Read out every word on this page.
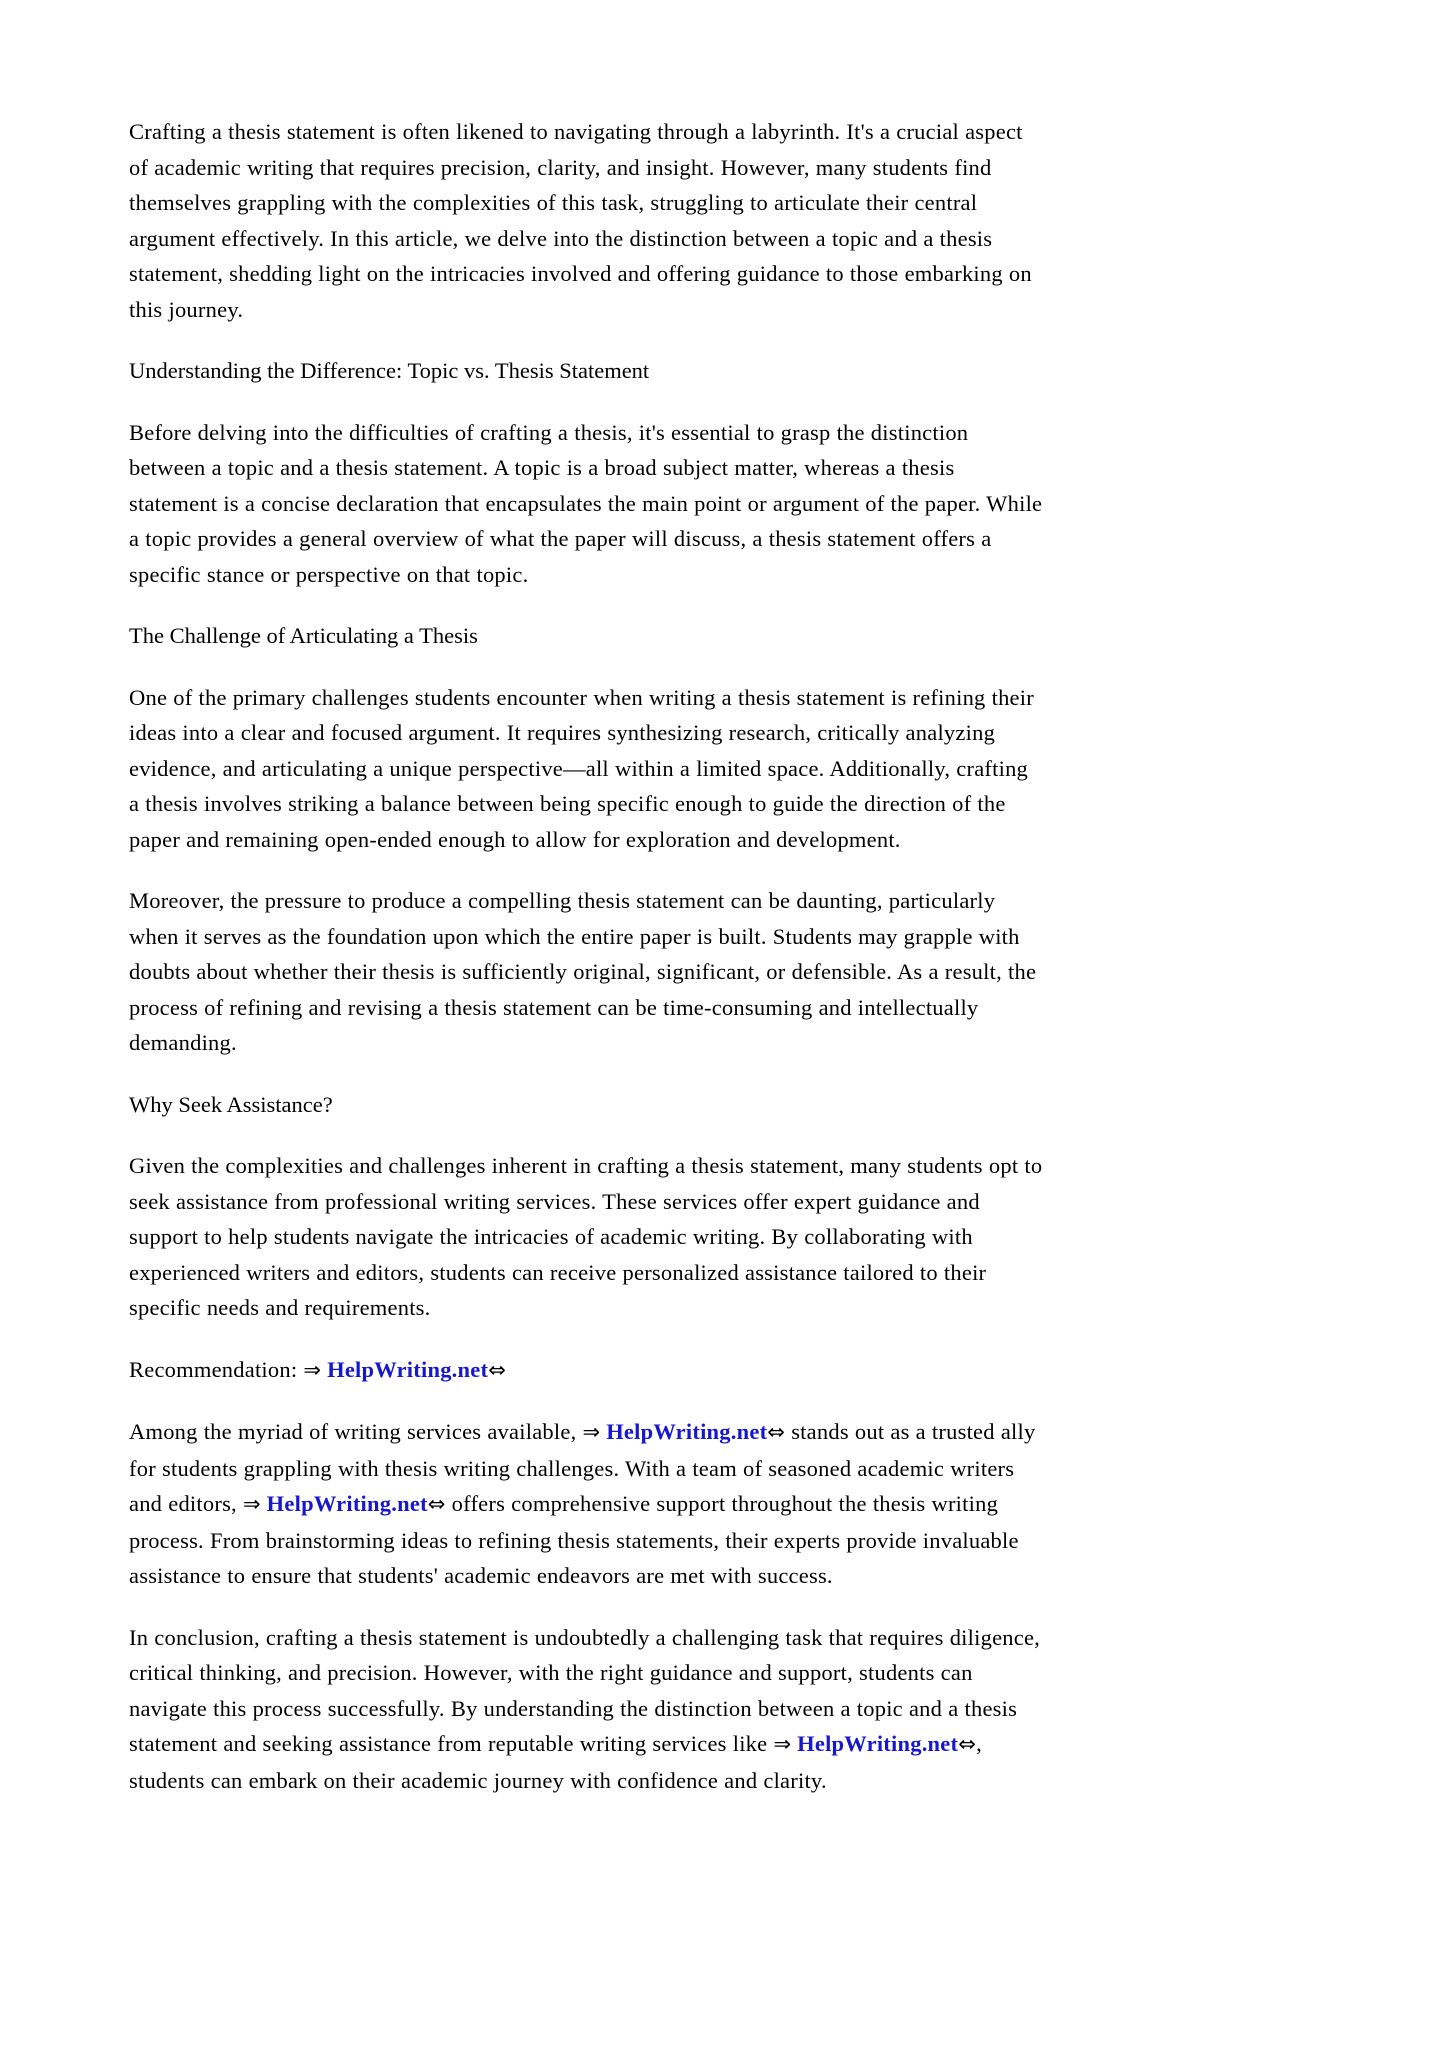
Crafting a thesis statement is often likened to navigating through a labyrinth. It's a crucial aspect of academic writing that requires precision, clarity, and insight. However, many students find themselves grappling with the complexities of this task, struggling to articulate their central argument effectively. In this article, we delve into the distinction between a topic and a thesis statement, shedding light on the intricacies involved and offering guidance to those embarking on this journey.

Understanding the Difference: Topic vs. Thesis Statement

Before delving into the difficulties of crafting a thesis, it's essential to grasp the distinction between a topic and a thesis statement. A topic is a broad subject matter, whereas a thesis statement is a concise declaration that encapsulates the main point or argument of the paper. While a topic provides a general overview of what the paper will discuss, a thesis statement offers a specific stance or perspective on that topic.

The Challenge of Articulating a Thesis

One of the primary challenges students encounter when writing a thesis statement is refining their ideas into a clear and focused argument. It requires synthesizing research, critically analyzing evidence, and articulating a unique perspective—all within a limited space. Additionally, crafting a thesis involves striking a balance between being specific enough to guide the direction of the paper and remaining open-ended enough to allow for exploration and development.

Moreover, the pressure to produce a compelling thesis statement can be daunting, particularly when it serves as the foundation upon which the entire paper is built. Students may grapple with doubts about whether their thesis is sufficiently original, significant, or defensible. As a result, the process of refining and revising a thesis statement can be time-consuming and intellectually demanding.

Why Seek Assistance?

Given the complexities and challenges inherent in crafting a thesis statement, many students opt to seek assistance from professional writing services. These services offer expert guidance and support to help students navigate the intricacies of academic writing. By collaborating with experienced writers and editors, students can receive personalized assistance tailored to their specific needs and requirements.

Recommendation: ⇒ HelpWriting.net⇔

Among the myriad of writing services available, ⇒ HelpWriting.net⇔ stands out as a trusted ally for students grappling with thesis writing challenges. With a team of seasoned academic writers and editors, ⇒ HelpWriting.net⇔ offers comprehensive support throughout the thesis writing process. From brainstorming ideas to refining thesis statements, their experts provide invaluable assistance to ensure that students' academic endeavors are met with success.

In conclusion, crafting a thesis statement is undoubtedly a challenging task that requires diligence, critical thinking, and precision. However, with the right guidance and support, students can navigate this process successfully. By understanding the distinction between a topic and a thesis statement and seeking assistance from reputable writing services like ⇒ HelpWriting.net⇔, students can embark on their academic journey with confidence and clarity.
